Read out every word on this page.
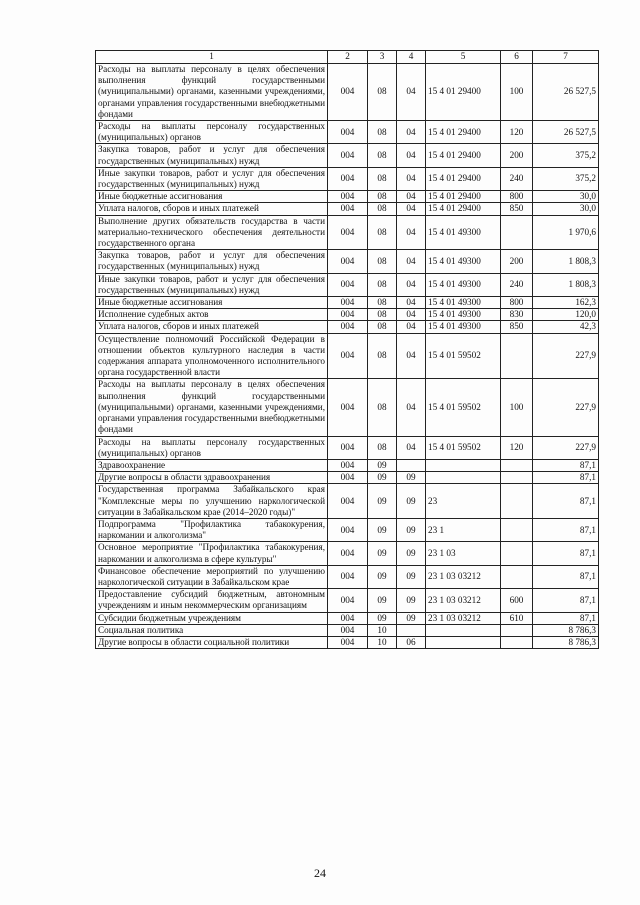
1	2	3	4	5	6	7
Расходы на выплаты персоналу в целях обеспечения выполнения функций государственными (муниципальными) органами, казенными учреждениями, органами управления государственными внебюджетными фондами	004	08	04	15 4 01 29400	100	26 527,5
Расходы на выплаты персоналу государственных (муниципальных) органов	004	08	04	15 4 01 29400	120	26 527,5
Закупка товаров, работ и услуг для обеспечения государственных (муниципальных) нужд	004	08	04	15 4 01 29400	200	375,2
Иные закупки товаров, работ и услуг для обеспечения государственных (муниципальных) нужд	004	08	04	15 4 01 29400	240	375,2
Иные бюджетные ассигнования	004	08	04	15 4 01 29400	800	30,0
Уплата налогов, сборов и иных платежей	004	08	04	15 4 01 29400	850	30,0
Выполнение других обязательств государства в части материально-технического обеспечения деятельности государственного органа	004	08	04	15 4 01 49300		1 970,6
Закупка товаров, работ и услуг для обеспечения государственных (муниципальных) нужд	004	08	04	15 4 01 49300	200	1 808,3
Иные закупки товаров, работ и услуг для обеспечения государственных (муниципальных) нужд	004	08	04	15 4 01 49300	240	1 808,3
Иные бюджетные ассигнования	004	08	04	15 4 01 49300	800	162,3
Исполнение судебных актов	004	08	04	15 4 01 49300	830	120,0
Уплата налогов, сборов и иных платежей	004	08	04	15 4 01 49300	850	42,3
Осуществление полномочий Российской Федерации в отношении объектов культурного наследия в части содержания аппарата уполномоченного исполнительного органа государственной власти	004	08	04	15 4 01 59502		227,9
Расходы на выплаты персоналу в целях обеспечения выполнения функций государственными (муниципальными) органами, казенными учреждениями, органами управления государственными внебюджетными фондами	004	08	04	15 4 01 59502	100	227,9
Расходы на выплаты персоналу государственных (муниципальных) органов	004	08	04	15 4 01 59502	120	227,9
Здравоохранение	004	09				87,1
Другие вопросы в области здравоохранения	004	09	09			87,1
Государственная программа Забайкальского края "Комплексные меры по улучшению наркологической ситуации в Забайкальском крае (2014–2020 годы)"	004	09	09	23		87,1
Подпрограмма "Профилактика табакокурения, наркомании и алкоголизма"	004	09	09	23 1		87,1
Основное мероприятие "Профилактика табакокурения, наркомании и алкоголизма в сфере культуры"	004	09	09	23 1 03		87,1
Финансовое обеспечение мероприятий по улучшению наркологической ситуации в Забайкальском крае	004	09	09	23 1 03 03212		87,1
Предоставление субсидий бюджетным, автономным учреждениям и иным некоммерческим организациям	004	09	09	23 1 03 03212	600	87,1
Субсидии бюджетным учреждениям	004	09	09	23 1 03 03212	610	87,1
Социальная политика	004	10				8 786,3
Другие вопросы в области социальной политики	004	10	06			8 786,3
24
